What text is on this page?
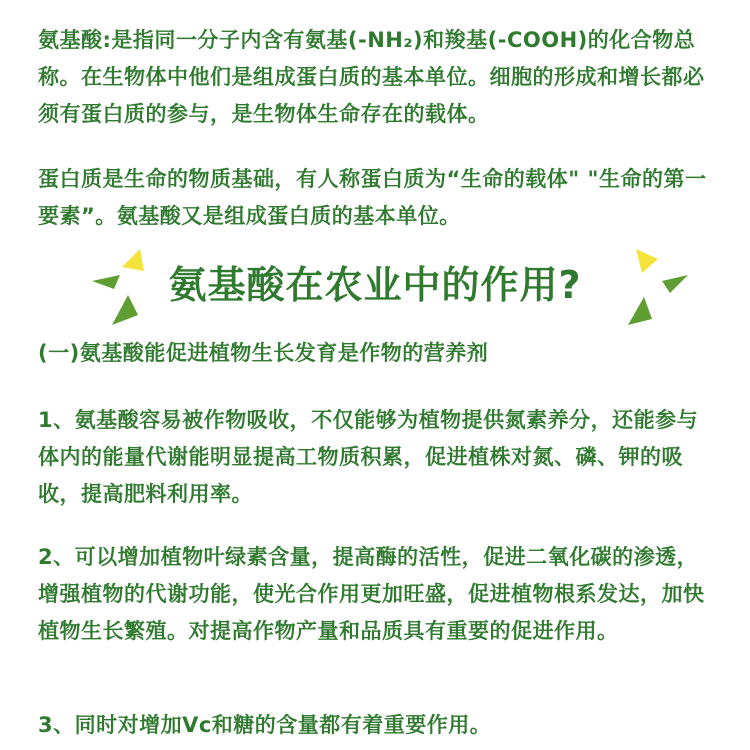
氨基酸:是指同一分子内含有氨基(-NH₂)和羧基(-COOH)的化合物总称。在生物体中他们是组成蛋白质的基本单位。细胞的形成和增长都必须有蛋白质的参与，是生物体生命存在的载体。

蛋白质是生命的物质基础，有人称蛋白质为“生命的载体" "生命的第一要素”。氨基酸又是组成蛋白质的基本单位。

氨基酸在农业中的作用?

(一)氨基酸能促进植物生长发育是作物的营养剂

1、氨基酸容易被作物吸收，不仅能够为植物提供氮素养分，还能参与体内的能量代谢能明显提高工物质积累，促进植株对氮、磷、钾的吸收，提高肥料利用率。

2、可以增加植物叶绿素含量，提高酶的活性，促进二氧化碳的渗透，增强植物的代谢功能，使光合作用更加旺盛，促进植物根系发达，加快植物生长繁殖。对提高作物产量和品质具有重要的促进作用。

3、同时对增加Vc和糖的含量都有着重要作用。
